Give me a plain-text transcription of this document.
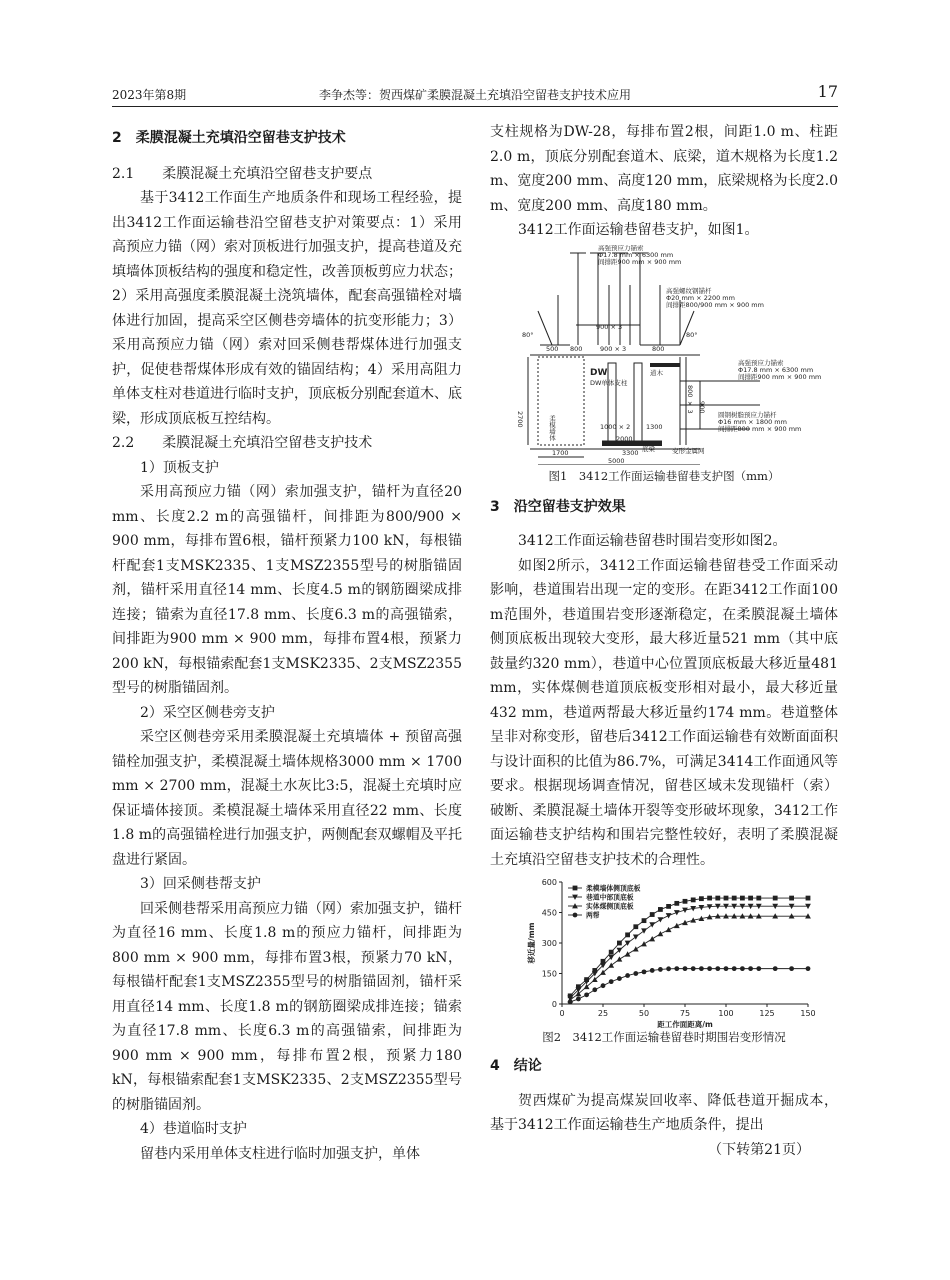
2023年第8期	李争杰等：贺西煤矿柔膜混凝土充填沿空留巷支护技术应用	17

2　柔膜混凝土充填沿空留巷支护技术

2.1　　柔膜混凝土充填沿空留巷支护要点

基于3412工作面生产地质条件和现场工程经验，提出3412工作面运输巷沿空留巷支护对策要点：1）采用高预应力锚（网）索对顶板进行加强支护，提高巷道及充填墙体顶板结构的强度和稳定性，改善顶板剪应力状态；2）采用高强度柔膜混凝土浇筑墙体，配套高强锚栓对墙体进行加固，提高采空区侧巷旁墙体的抗变形能力；3）采用高预应力锚（网）索对回采侧巷帮煤体进行加强支护，促使巷帮煤体形成有效的锚固结构；4）采用高阻力单体支柱对巷道进行临时支护，顶底板分别配套道木、底梁，形成顶底板互控结构。

2.2　　柔膜混凝土充填沿空留巷支护技术

1）顶板支护

采用高预应力锚（网）索加强支护，锚杆为直径20 mm、长度2.2 m的高强锚杆，间排距为800/900 × 900 mm，每排布置6根，锚杆预紧力100 kN，每根锚杆配套1支MSK2335、1支MSZ2355型号的树脂锚固剂，锚杆采用直径14 mm、长度4.5 m的钢筋圈梁成排连接；锚索为直径17.8 mm、长度6.3 m的高强锚索，间排距为900 mm × 900 mm，每排布置4根，预紧力200 kN，每根锚索配套1支MSK2335、2支MSZ2355型号的树脂锚固剂。

2）采空区侧巷旁支护

采空区侧巷旁采用柔膜混凝土充填墙体 + 预留高强锚栓加强支护，柔模混凝土墙体规格3000 mm × 1700 mm × 2700 mm，混凝土水灰比3:5，混凝土充填时应保证墙体接顶。柔模混凝土墙体采用直径22 mm、长度1.8 m的高强锚栓进行加强支护，两侧配套双螺帽及平托盘进行紧固。

3）回采侧巷帮支护

回采侧巷帮采用高预应力锚（网）索加强支护，锚杆为直径16 mm、长度1.8 m的预应力锚杆，间排距为800 mm × 900 mm，每排布置3根，预紧力70 kN，每根锚杆配套1支MSZ2355型号的树脂锚固剂，锚杆采用直径14 mm、长度1.8 m的钢筋圈梁成排连接；锚索为直径17.8 mm、长度6.3 m的高强锚索，间排距为900 mm × 900 mm，每排布置2根，预紧力180 kN，每根锚索配套1支MSK2335、2支MSZ2355型号的树脂锚固剂。

4）巷道临时支护

留巷内采用单体支柱进行临时加强支护，单体

支柱规格为DW-28，每排布置2根，间距1.0 m、柱距2.0 m，顶底分别配套道木、底梁，道木规格为长度1.2 m、宽度200 mm、高度120 mm，底梁规格为长度2.0 m、宽度200 mm、高度180 mm。

3412工作面运输巷留巷支护，如图1。

高强预应力锚索
Φ17.8 mm × 6300 mm
间排距900 mm × 900 mm
高强螺纹钢锚杆
Φ20 mm × 2200 mm
间排距800/900 mm × 900 mm
高强预应力锚索
Φ17.8 mm × 6300 mm
间排距900 mm × 900 mm
圆钢树脂预应力锚杆
Φ16 mm × 1800 mm
间排距800 mm × 900 mm
柔模墙体
DW
DW单体支柱
道木
底梁	变形金属网
900 × 3
500 800	900 × 3	800
80°	80°
2700
800 × 3 900
1000 × 2 1300
2000
3300
1700
5000

图1　3412工作面运输巷留巷支护图（mm）

3　沿空留巷支护效果

3412工作面运输巷留巷时围岩变形如图2。

如图2所示，3412工作面运输巷留巷受工作面采动影响，巷道围岩出现一定的变形。在距3412工作面100 m范围外，巷道围岩变形逐渐稳定，在柔膜混凝土墙体侧顶底板出现较大变形，最大移近量521 mm（其中底鼓量约320 mm），巷道中心位置顶底板最大移近量481 mm，实体煤侧巷道顶底板变形相对最小，最大移近量432 mm，巷道两帮最大移近量约174 mm。巷道整体呈非对称变形，留巷后3412工作面运输巷有效断面面积与设计面积的比值为86.7%，可满足3414工作面通风等要求。根据现场调查情况，留巷区域未发现锚杆（索）破断、柔膜混凝土墙体开裂等变形破坏现象，3412工作面运输巷支护结构和围岩完整性较好，表明了柔膜混凝土充填沿空留巷支护技术的合理性。

0	25	50	75	100	125	150
0
150
300
450
600
距工作面距离/m
移近量/mm
柔模墙体侧顶底板
巷道中部顶底板
实体煤侧顶底板
两帮

图2　3412工作面运输巷留巷时期围岩变形情况

4　结论

贺西煤矿为提高煤炭回收率、降低巷道开掘成本，基于3412工作面运输巷生产地质条件，提出

（下转第21页）
